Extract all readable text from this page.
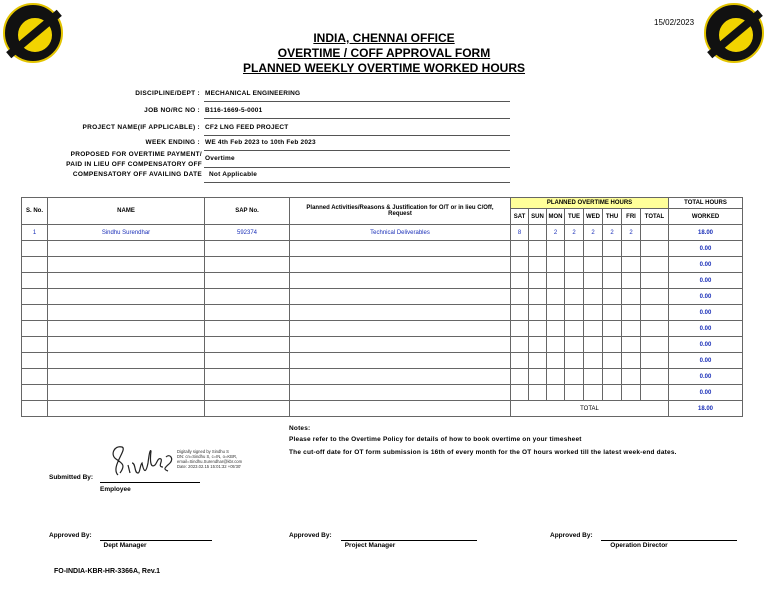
15/02/2023
INDIA, CHENNAI OFFICE
OVERTIME / COFF APPROVAL FORM
PLANNED WEEKLY OVERTIME WORKED HOURS
DISCIPLINE/DEPT : MECHANICAL ENGINEERING
JOB NO/RC NO : B116-1669-5-0001
PROJECT NAME(IF APPLICABLE) : CF2 LNG FEED PROJECT
WEEK ENDING : WE 4th Feb 2023 to 10th Feb 2023
PROPOSED FOR OVERTIME PAYMENT/
PAID IN LIEU OFF COMPENSATORY OFF
Overtime
COMPENSATORY OFF AVAILING DATE Not Applicable
S. No.	NAME	SAP No.	Planned Activities/Reasons & Justification for O/T or in lieu C/Off, Request	PLANNED OVERTIME HOURS								TOTAL HOURS
				SAT	SUN	MON	TUE	WED	THU	FRI	TOTAL	WORKED
1	Sindhu Surendhar	592374	Technical Deliverables	8		2	2	2	2	2		18.00
												0.00
												0.00
												0.00
												0.00
												0.00
												0.00
												0.00
												0.00
												0.00
												0.00
				TOTAL								18.00
Notes:
Please refer to the Overtime Policy for details of how to book overtime on your timesheet
The cut-off date for OT form submission is 16th of every month for the OT hours worked till the latest week-end dates.
Digitally signed by Sindhu S
DN: cn=Sindhu S, c=IN, o=KBR,
email=Sindhu.Surendhar@kbr.com
Date: 2023.02.15 15:01:32 +05'30'
Submitted By:
Employee
Approved By:
Dept Manager
Approved By:
Project Manager
Approved By:
Operation Director
FO-INDIA-KBR-HR-3366A, Rev.1
